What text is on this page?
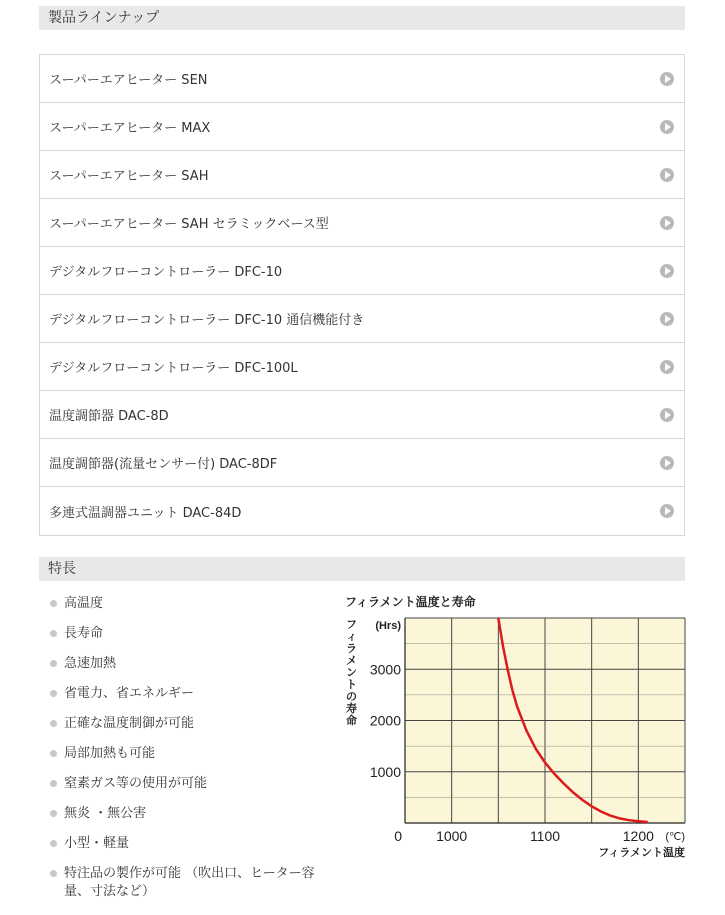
製品ラインナップ
スーパーエアヒーター SEN
スーパーエアヒーター MAX
スーパーエアヒーター SAH
スーパーエアヒーター SAH セラミックベース型
デジタルフローコントローラー DFC-10
デジタルフローコントローラー DFC-10 通信機能付き
デジタルフローコントローラー DFC-100L
温度調節器 DAC-8D
温度調節器(流量センサー付) DAC-8DF
多連式温調器ユニット DAC-84D
特長
高温度
長寿命
急速加熱
省電力、省エネルギー
正確な温度制御が可能
局部加熱も可能
窒素ガス等の使用が可能
無炎 ・無公害
小型・軽量
特注品の製作が可能 （吹出口、ヒーター容量、寸法など）
フィラメント温度と寿命
フィラメントの寿命
1000
2000
3000
(Hrs)
0 1000	1100	1200 (℃)
フィラメント温度
